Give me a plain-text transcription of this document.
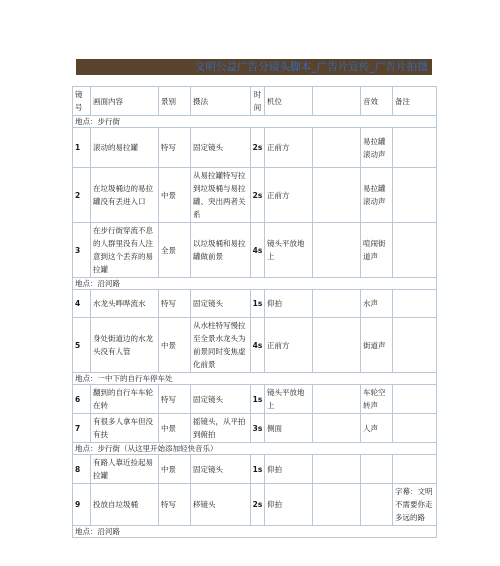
文明公益广告分镜头脚本_广告片宣传_广告片拍摄
镜号	画面内容	景别	摄法	时间	机位		音效	备注
地点：步行街								
1	滚动的易拉罐	特写	固定镜头	2s	正前方		易拉罐滚动声	
2	在垃圾桶边的易拉罐没有丢进入口	中景	从易拉罐特写拉到垃圾桶与易拉罐、突出两者关系	2s	正前方		易拉罐滚动声	
3	在步行街穿流不息的人群里没有人注意到这个丢弃的易拉罐	全景	以垃圾桶和易拉罐做前景	4s	镜头平放地上		喧闹街道声	
地点：沿河路								
4	水龙头哗哗流水	特写	固定镜头	1s	仰拍		水声	
5	身处街道边的水龙头没有人管	中景	从水柱特写慢拉至全景水龙头为前景同时变焦虚化前景	4s	正前方		街道声	
地点：一中下的自行车停车处								
6	翻到的自行车车轮在转	特写	固定镜头	1s	镜头平放地上		车轮空转声	
7	有很多人拿车但没有扶	中景	摇镜头，从平拍到俯拍	3s	侧面		人声	
地点：步行街（从这里开始添加轻快音乐）								
8	有路人靠近捡起易拉罐	中景	固定镜头	1s	仰拍			
9	投放自垃圾桶	特写	移镜头	2s	仰拍			字幕：文明不需要你走多远的路
地点：沿河路								
